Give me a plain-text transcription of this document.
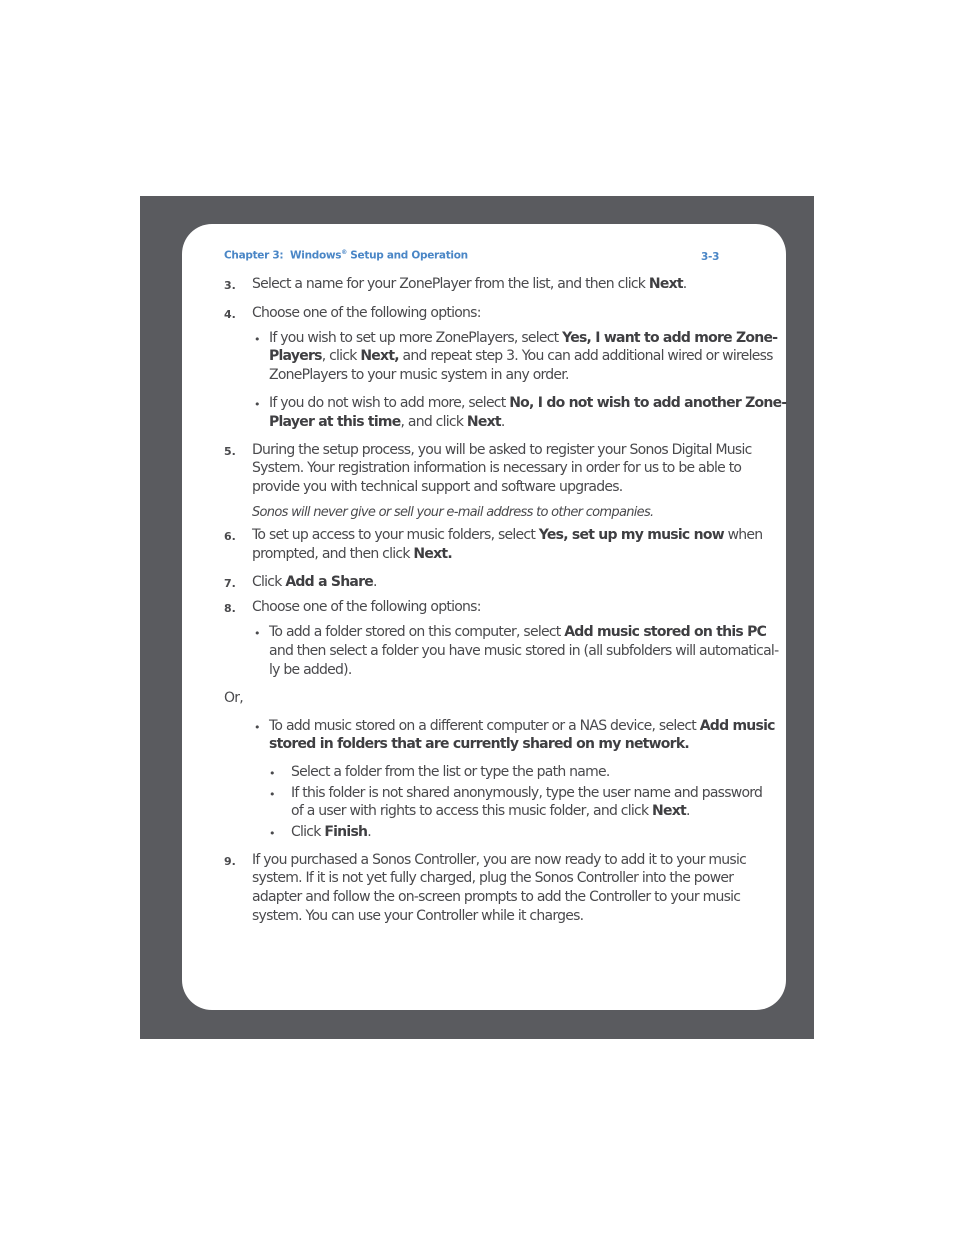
Chapter 3: Windows® Setup and Operation	3-3
3. Select a name for your ZonePlayer from the list, and then click Next.
4. Choose one of the following options:
• If you wish to set up more ZonePlayers, select Yes, I want to add more Zone-
Players, click Next, and repeat step 3. You can add additional wired or wireless
ZonePlayers to your music system in any order.
• If you do not wish to add more, select No, I do not wish to add another Zone-
Player at this time, and click Next.
5. During the setup process, you will be asked to register your Sonos Digital Music
System. Your registration information is necessary in order for us to be able to
provide you with technical support and software upgrades.
Sonos will never give or sell your e-mail address to other companies.
6. To set up access to your music folders, select Yes, set up my music now when
prompted, and then click Next.
7. Click Add a Share.
8. Choose one of the following options:
• To add a folder stored on this computer, select Add music stored on this PC
and then select a folder you have music stored in (all subfolders will automatical-
ly be added).
Or,
• To add music stored on a different computer or a NAS device, select Add music
stored in folders that are currently shared on my network.
• Select a folder from the list or type the path name.
• If this folder is not shared anonymously, type the user name and password
of a user with rights to access this music folder, and click Next.
• Click Finish.
9. If you purchased a Sonos Controller, you are now ready to add it to your music
system. If it is not yet fully charged, plug the Sonos Controller into the power
adapter and follow the on-screen prompts to add the Controller to your music
system. You can use your Controller while it charges.
